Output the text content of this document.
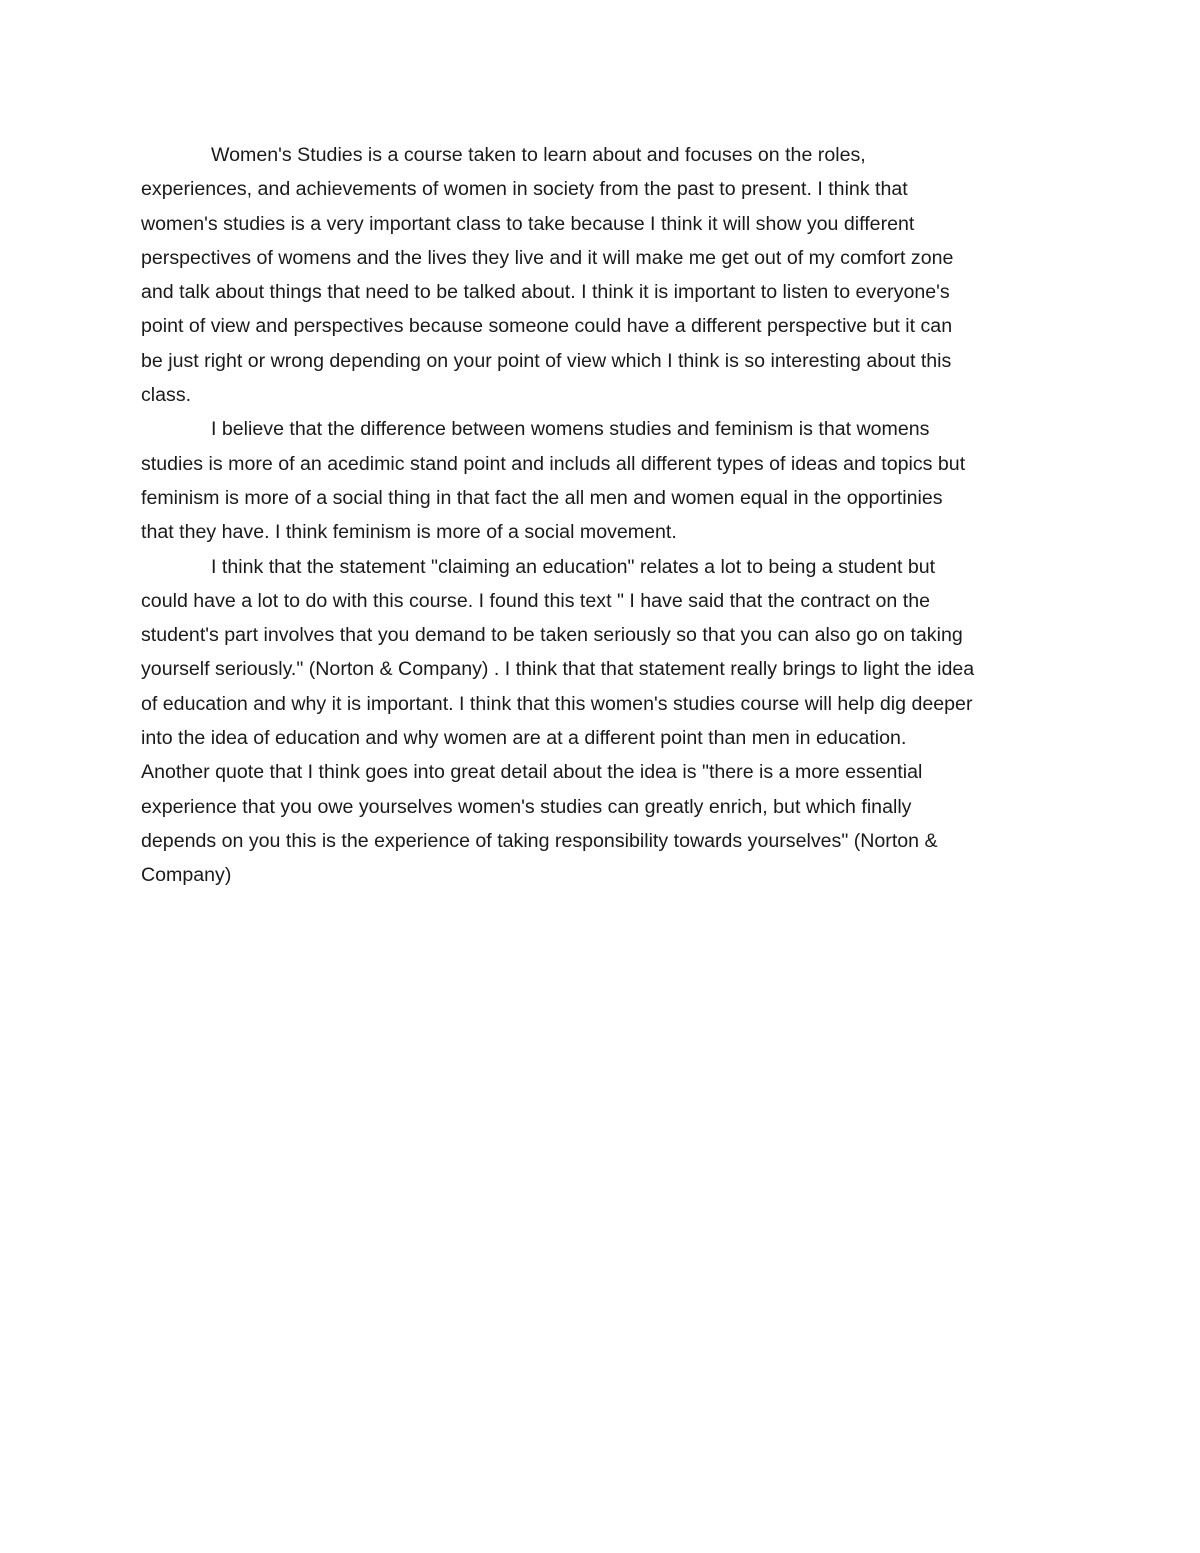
Women's Studies is a course taken to learn about and focuses on the roles,
experiences, and achievements of women in society from the past to present. I think that
women's studies is a very important class to take because I think it will show you different
perspectives of womens and the lives they live and it will make me get out of my comfort zone
and talk about things that need to be talked about. I think it is important to listen to everyone's
point of view and perspectives because someone could have a different perspective but it can
be just right or wrong depending on your point of view which I think is so interesting about this
class.
I believe that the difference between womens studies and feminism is that womens
studies is more of an acedimic stand point and includs all different types of ideas and topics but
feminism is more of a social thing in that fact the all men and women equal in the opportinies
that they have. I think feminism is more of a social movement.
I think that the statement "claiming an education" relates a lot to being a student but
could have a lot to do with this course. I found this text " I have said that the contract on the
student's part involves that you demand to be taken seriously so that you can also go on taking
yourself seriously." (Norton & Company) . I think that that statement really brings to light the idea
of education and why it is important. I think that this women's studies course will help dig deeper
into the idea of education and why women are at a different point than men in education.
Another quote that I think goes into great detail about the idea is "there is a more essential
experience that you owe yourselves women's studies can greatly enrich, but which finally
depends on you this is the experience of taking responsibility towards yourselves" (Norton &
Company)
